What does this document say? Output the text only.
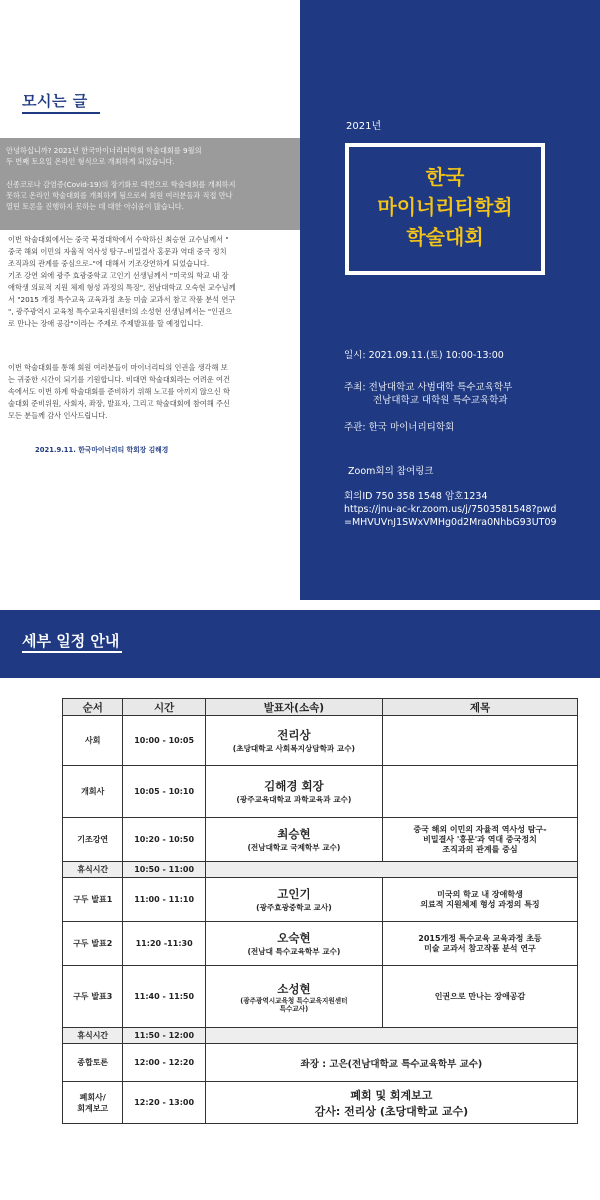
모시는 글
안녕하십니까? 2021년 한국마이너리티학회 학술대회를 9월의
두 번째 토요일 온라인 형식으로 개최하게 되었습니다.
신종코로나 감염증(Covid-19)의 장기화로 대면으로 학술대회를 개최하지
못하고 온라인 학술대회를 개최하게 됨으로써 회원 여러분들과 직접 만나
열띤 토론을 진행하지 못하는 데 대한 아쉬움이 많습니다.
이번 학술대회에서는 중국 북경대학에서 수학하신 최승현 교수님께서 "
중국 해외 이민의 자율적 역사성 탐구–비밀결사 홍문과 역대 중국 정치
조직과의 관계를 중심으로–"에 대해서 기조강연하게 되었습니다.
기조 강연 외에 광주 효광중학교 고인기 선생님께서 "미국의 학교 내 장
애학생 의료적 지원 체제 형성 과정의 특징", 전남대학교 오숙현 교수님께
서 "2015 개정 특수교육 교육과정 초등 미술 교과서 참고 작품 분석 연구
", 광주광역시 교육청 특수교육지원센터의 소성현 선생님께서는 "인권으
로 만나는 장애 공감"이라는 주제로 주제발표를 할 예정입니다.
이번 학술대회를 통해 회원 여러분들이 마이너리티의 인권을 생각해 보
는 귀중한 시간이 되기를 기원합니다. 비대면 학술대회라는 어려운 여건
속에서도 이번 하계 학술대회를 준비하기 위해 노고를 아끼지 않으신 학
술대회 준비위원, 사회자, 좌장, 발표자, 그리고 학술대회에 참여해 주신
모든 분들께 감사 인사드립니다.
2021.9.11. 한국마이너리티 학회장 김해경
2021년
한국
마이너리티학회
학술대회
일시: 2021.09.11.(토) 10:00-13:00
주최: 전남대학교 사범대학 특수교육학부
전남대학교 대학원 특수교육학과
주관: 한국 마이너리티학회
Zoom회의 참여링크
회의ID 750 358 1548 암호1234
https://jnu-ac-kr.zoom.us/j/7503581548?pwd=MHVUVnJ1SWxVMHg0d2Mra0NhbG93UT09
세부 일정 안내
순서	시간	발표자(소속)	제목
사회	10:00 - 10:05	전리상
(초당대학교 사회복지상담학과 교수)	

개회사	10:05 - 10:10	김해경 회장
(광주교육대학교 과학교육과 교수)	

기조강연	10:20 - 10:50	최승현
(전남대학교 국제학부 교수)	중국 해외 이민의 자율적 역사성 탐구-
비밀결사 '홍문'과 역대 중국정치
조직과의 관계를 중심

휴식시간	10:50 - 11:00		
구두 발표1	11:00 - 11:10	고인기
(광주효광중학교 교사)	미국의 학교 내 장애학생
의료적 지원체제 형성 과정의 특징

구두 발표2	11:20 -11:30	오숙현
(전남대 특수교육학부 교수)	2015개정 특수교육 교육과정 초등
미술 교과서 참고작품 분석 연구

구두 발표3	11:40 - 11:50	소성현
(광주광역시교육청 특수교육지원센터
특수교사)	인권으로 만나는 장애공감

휴식시간	11:50 - 12:00		
종합토론	12:00 - 12:20	좌장 : 고은(전남대학교 특수교육학부 교수)	

폐회사/
회계보고	12:20 - 13:00	폐회 및 회계보고
감사: 전리상 (초당대학교 교수)	
